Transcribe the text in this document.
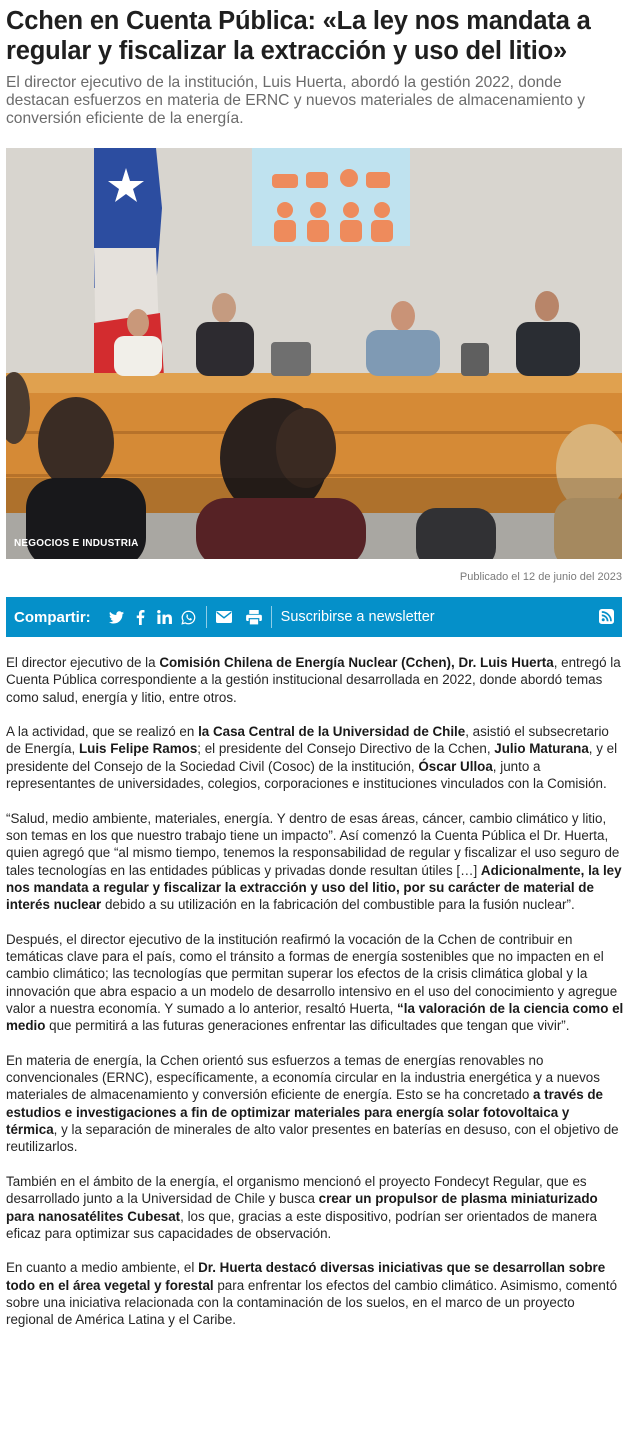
Cchen en Cuenta Pública: «La ley nos mandata a regular y fiscalizar la extracción y uso del litio»

El director ejecutivo de la institución, Luis Huerta, abordó la gestión 2022, donde destacan esfuerzos en materia de ERNC y nuevos materiales de almacenamiento y conversión eficiente de la energía.

NEGOCIOS E INDUSTRIA
Publicado el 12 de junio del 2023
Compartir:	Suscribirse a newsletter

El director ejecutivo de la Comisión Chilena de Energía Nuclear (Cchen), Dr. Luis Huerta, entregó la Cuenta Pública correspondiente a la gestión institucional desarrollada en 2022, donde abordó temas como salud, energía y litio, entre otros.

A la actividad, que se realizó en la Casa Central de la Universidad de Chile, asistió el subsecretario de Energía, Luis Felipe Ramos; el presidente del Consejo Directivo de la Cchen, Julio Maturana, y el presidente del Consejo de la Sociedad Civil (Cosoc) de la institución, Óscar Ulloa, junto a representantes de universidades, colegios, corporaciones e instituciones vinculados con la Comisión.

“Salud, medio ambiente, materiales, energía. Y dentro de esas áreas, cáncer, cambio climático y litio, son temas en los que nuestro trabajo tiene un impacto”. Así comenzó la Cuenta Pública el Dr. Huerta, quien agregó que “al mismo tiempo, tenemos la responsabilidad de regular y fiscalizar el uso seguro de tales tecnologías en las entidades públicas y privadas donde resultan útiles […] Adicionalmente, la ley nos mandata a regular y fiscalizar la extracción y uso del litio, por su carácter de material de interés nuclear debido a su utilización en la fabricación del combustible para la fusión nuclear”.

Después, el director ejecutivo de la institución reafirmó la vocación de la Cchen de contribuir en temáticas clave para el país, como el tránsito a formas de energía sostenibles que no impacten en el cambio climático; las tecnologías que permitan superar los efectos de la crisis climática global y la innovación que abra espacio a un modelo de desarrollo intensivo en el uso del conocimiento y agregue valor a nuestra economía. Y sumado a lo anterior, resaltó Huerta, “la valoración de la ciencia como el medio que permitirá a las futuras generaciones enfrentar las dificultades que tengan que vivir”.

En materia de energía, la Cchen orientó sus esfuerzos a temas de energías renovables no convencionales (ERNC), específicamente, a economía circular en la industria energética y a nuevos materiales de almacenamiento y conversión eficiente de energía. Esto se ha concretado a través de estudios e investigaciones a fin de optimizar materiales para energía solar fotovoltaica y térmica, y la separación de minerales de alto valor presentes en baterías en desuso, con el objetivo de reutilizarlos.

También en el ámbito de la energía, el organismo mencionó el proyecto Fondecyt Regular, que es desarrollado junto a la Universidad de Chile y busca crear un propulsor de plasma miniaturizado para nanosatélites Cubesat, los que, gracias a este dispositivo, podrían ser orientados de manera eficaz para optimizar sus capacidades de observación.

En cuanto a medio ambiente, el Dr. Huerta destacó diversas iniciativas que se desarrollan sobre todo en el área vegetal y forestal para enfrentar los efectos del cambio climático. Asimismo, comentó sobre una iniciativa relacionada con la contaminación de los suelos, en el marco de un proyecto regional de América Latina y el Caribe.
